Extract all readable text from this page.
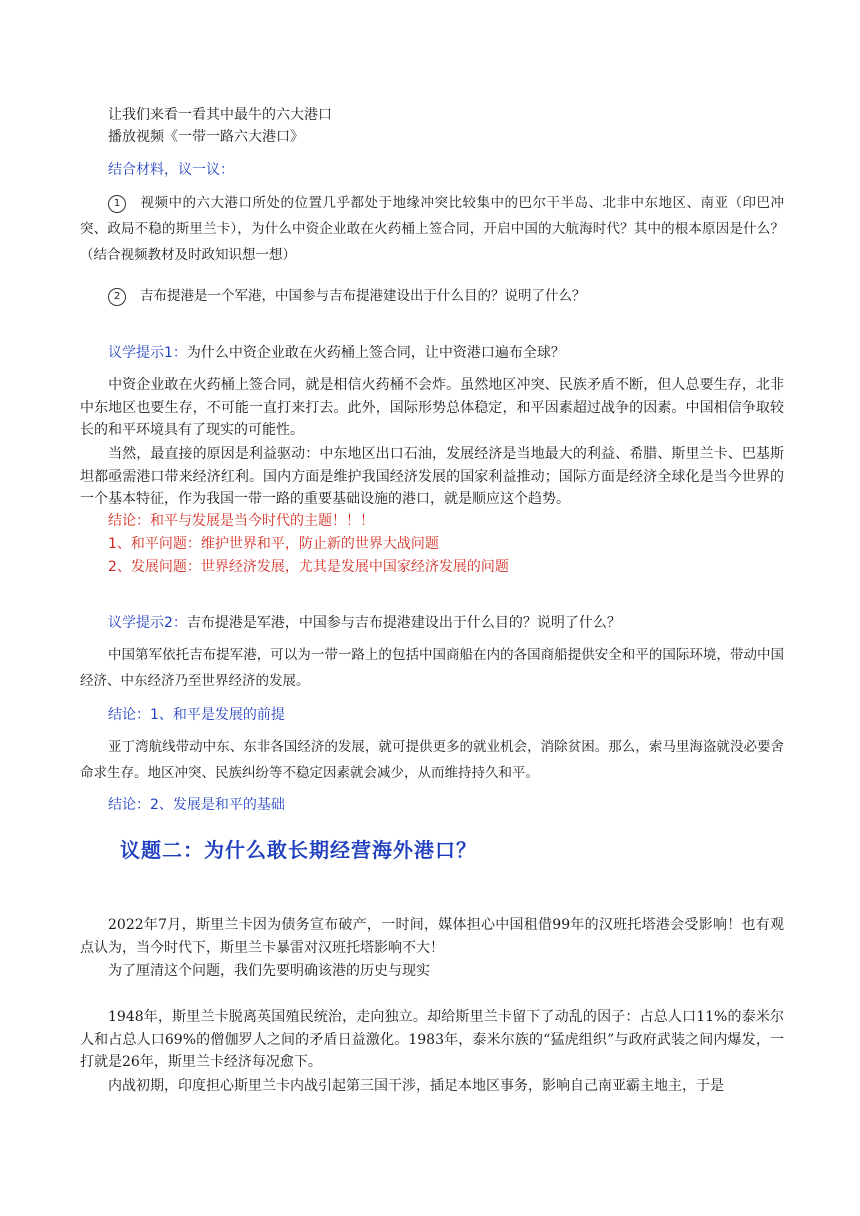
让我们来看一看其中最牛的六大港口

播放视频《一带一路六大港口》

结合材料，议一议：

1 视频中的六大港口所处的位置几乎都处于地缘冲突比较集中的巴尔干半岛、北非中东地区、南亚（印巴冲突、政局不稳的斯里兰卡），为什么中资企业敢在火药桶上签合同，开启中国的大航海时代？其中的根本原因是什么？（结合视频教材及时政知识想一想）

2 吉布提港是一个军港，中国参与吉布提港建设出于什么目的？说明了什么？

议学提示1：为什么中资企业敢在火药桶上签合同，让中资港口遍布全球？

中资企业敢在火药桶上签合同，就是相信火药桶不会炸。虽然地区冲突、民族矛盾不断，但人总要生存，北非中东地区也要生存，不可能一直打来打去。此外，国际形势总体稳定，和平因素超过战争的因素。中国相信争取较长的和平环境具有了现实的可能性。

当然，最直接的原因是利益驱动：中东地区出口石油，发展经济是当地最大的利益、希腊、斯里兰卡、巴基斯坦都亟需港口带来经济红利。国内方面是维护我国经济发展的国家利益推动；国际方面是经济全球化是当今世界的一个基本特征，作为我国一带一路的重要基础设施的港口，就是顺应这个趋势。

结论：和平与发展是当今时代的主题！！！

1、和平问题：维护世界和平，防止新的世界大战问题

2、发展问题：世界经济发展，尤其是发展中国家经济发展的问题

议学提示2：吉布提港是军港，中国参与吉布提港建设出于什么目的？说明了什么？

中国第军依托吉布提军港，可以为一带一路上的包括中国商船在内的各国商船提供安全和平的国际环境，带动中国经济、中东经济乃至世界经济的发展。

结论：1、和平是发展的前提

亚丁湾航线带动中东、东非各国经济的发展，就可提供更多的就业机会，消除贫困。那么，索马里海盗就没必要舍命求生存。地区冲突、民族纠纷等不稳定因素就会减少，从而维持持久和平。

结论：2、发展是和平的基础

议题二：为什么敢长期经营海外港口？

2022年7月，斯里兰卡因为债务宣布破产，一时间，媒体担心中国租借99年的汉班托塔港会受影响！也有观点认为，当今时代下，斯里兰卡暴雷对汉班托塔影响不大！

为了厘清这个问题，我们先要明确该港的历史与现实

1948年，斯里兰卡脱离英国殖民统治，走向独立。却给斯里兰卡留下了动乱的因子：占总人口11%的泰米尔人和占总人口69%的僧伽罗人之间的矛盾日益激化。1983年，泰米尔族的“猛虎组织”与政府武装之间内爆发，一打就是26年，斯里兰卡经济每况愈下。

内战初期，印度担心斯里兰卡内战引起第三国干涉，插足本地区事务，影响自己南亚霸主地主，于是
